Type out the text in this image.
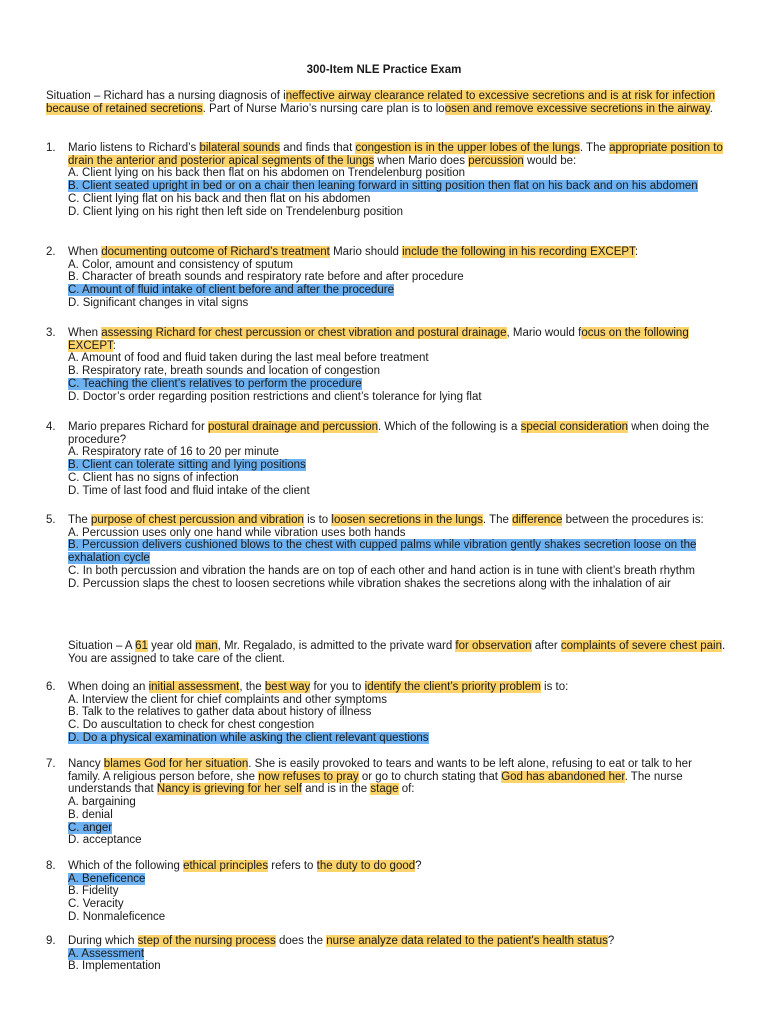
300-Item NLE Practice Exam
Situation – Richard has a nursing diagnosis of ineffective airway clearance related to excessive secretions and is at risk for infection because of retained secretions. Part of Nurse Mario’s nursing care plan is to loosen and remove excessive secretions in the airway.
1.	Mario listens to Richard’s bilateral sounds and finds that congestion is in the upper lobes of the lungs. The appropriate position to drain the anterior and posterior apical segments of the lungs when Mario does percussion would be:
A. Client lying on his back then flat on his abdomen on Trendelenburg position
B. Client seated upright in bed or on a chair then leaning forward in sitting position then flat on his back and on his abdomen
C. Client lying flat on his back and then flat on his abdomen
D. Client lying on his right then left side on Trendelenburg position
2.	When documenting outcome of Richard’s treatment Mario should include the following in his recording EXCEPT:
A. Color, amount and consistency of sputum
B. Character of breath sounds and respiratory rate before and after procedure
C. Amount of fluid intake of client before and after the procedure
D. Significant changes in vital signs
3.	When assessing Richard for chest percussion or chest vibration and postural drainage, Mario would focus on the following EXCEPT:
A. Amount of food and fluid taken during the last meal before treatment
B. Respiratory rate, breath sounds and location of congestion
C. Teaching the client’s relatives to perform the procedure
D. Doctor’s order regarding position restrictions and client’s tolerance for lying flat
4.	Mario prepares Richard for postural drainage and percussion. Which of the following is a special consideration when doing the procedure?
A. Respiratory rate of 16 to 20 per minute
B. Client can tolerate sitting and lying positions
C. Client has no signs of infection
D. Time of last food and fluid intake of the client
5.	The purpose of chest percussion and vibration is to loosen secretions in the lungs. The difference between the procedures is:
A. Percussion uses only one hand while vibration uses both hands
B. Percussion delivers cushioned blows to the chest with cupped palms while vibration gently shakes secretion loose on the exhalation cycle
C. In both percussion and vibration the hands are on top of each other and hand action is in tune with client’s breath rhythm
D. Percussion slaps the chest to loosen secretions while vibration shakes the secretions along with the inhalation of air
Situation – A 61 year old man, Mr. Regalado, is admitted to the private ward for observation after complaints of severe chest pain. You are assigned to take care of the client.
6.	When doing an initial assessment, the best way for you to identify the client’s priority problem is to:
A. Interview the client for chief complaints and other symptoms
B. Talk to the relatives to gather data about history of illness
C. Do auscultation to check for chest congestion
D. Do a physical examination while asking the client relevant questions
7.	Nancy blames God for her situation. She is easily provoked to tears and wants to be left alone, refusing to eat or talk to her family. A religious person before, she now refuses to pray or go to church stating that God has abandoned her. The nurse understands that Nancy is grieving for her self and is in the stage of:
A. bargaining
B. denial
C. anger
D. acceptance
8.	Which of the following ethical principles refers to the duty to do good?
A. Beneficence
B. Fidelity
C. Veracity
D. Nonmaleficence
9.	During which step of the nursing process does the nurse analyze data related to the patient's health status?
A. Assessment
B. Implementation
